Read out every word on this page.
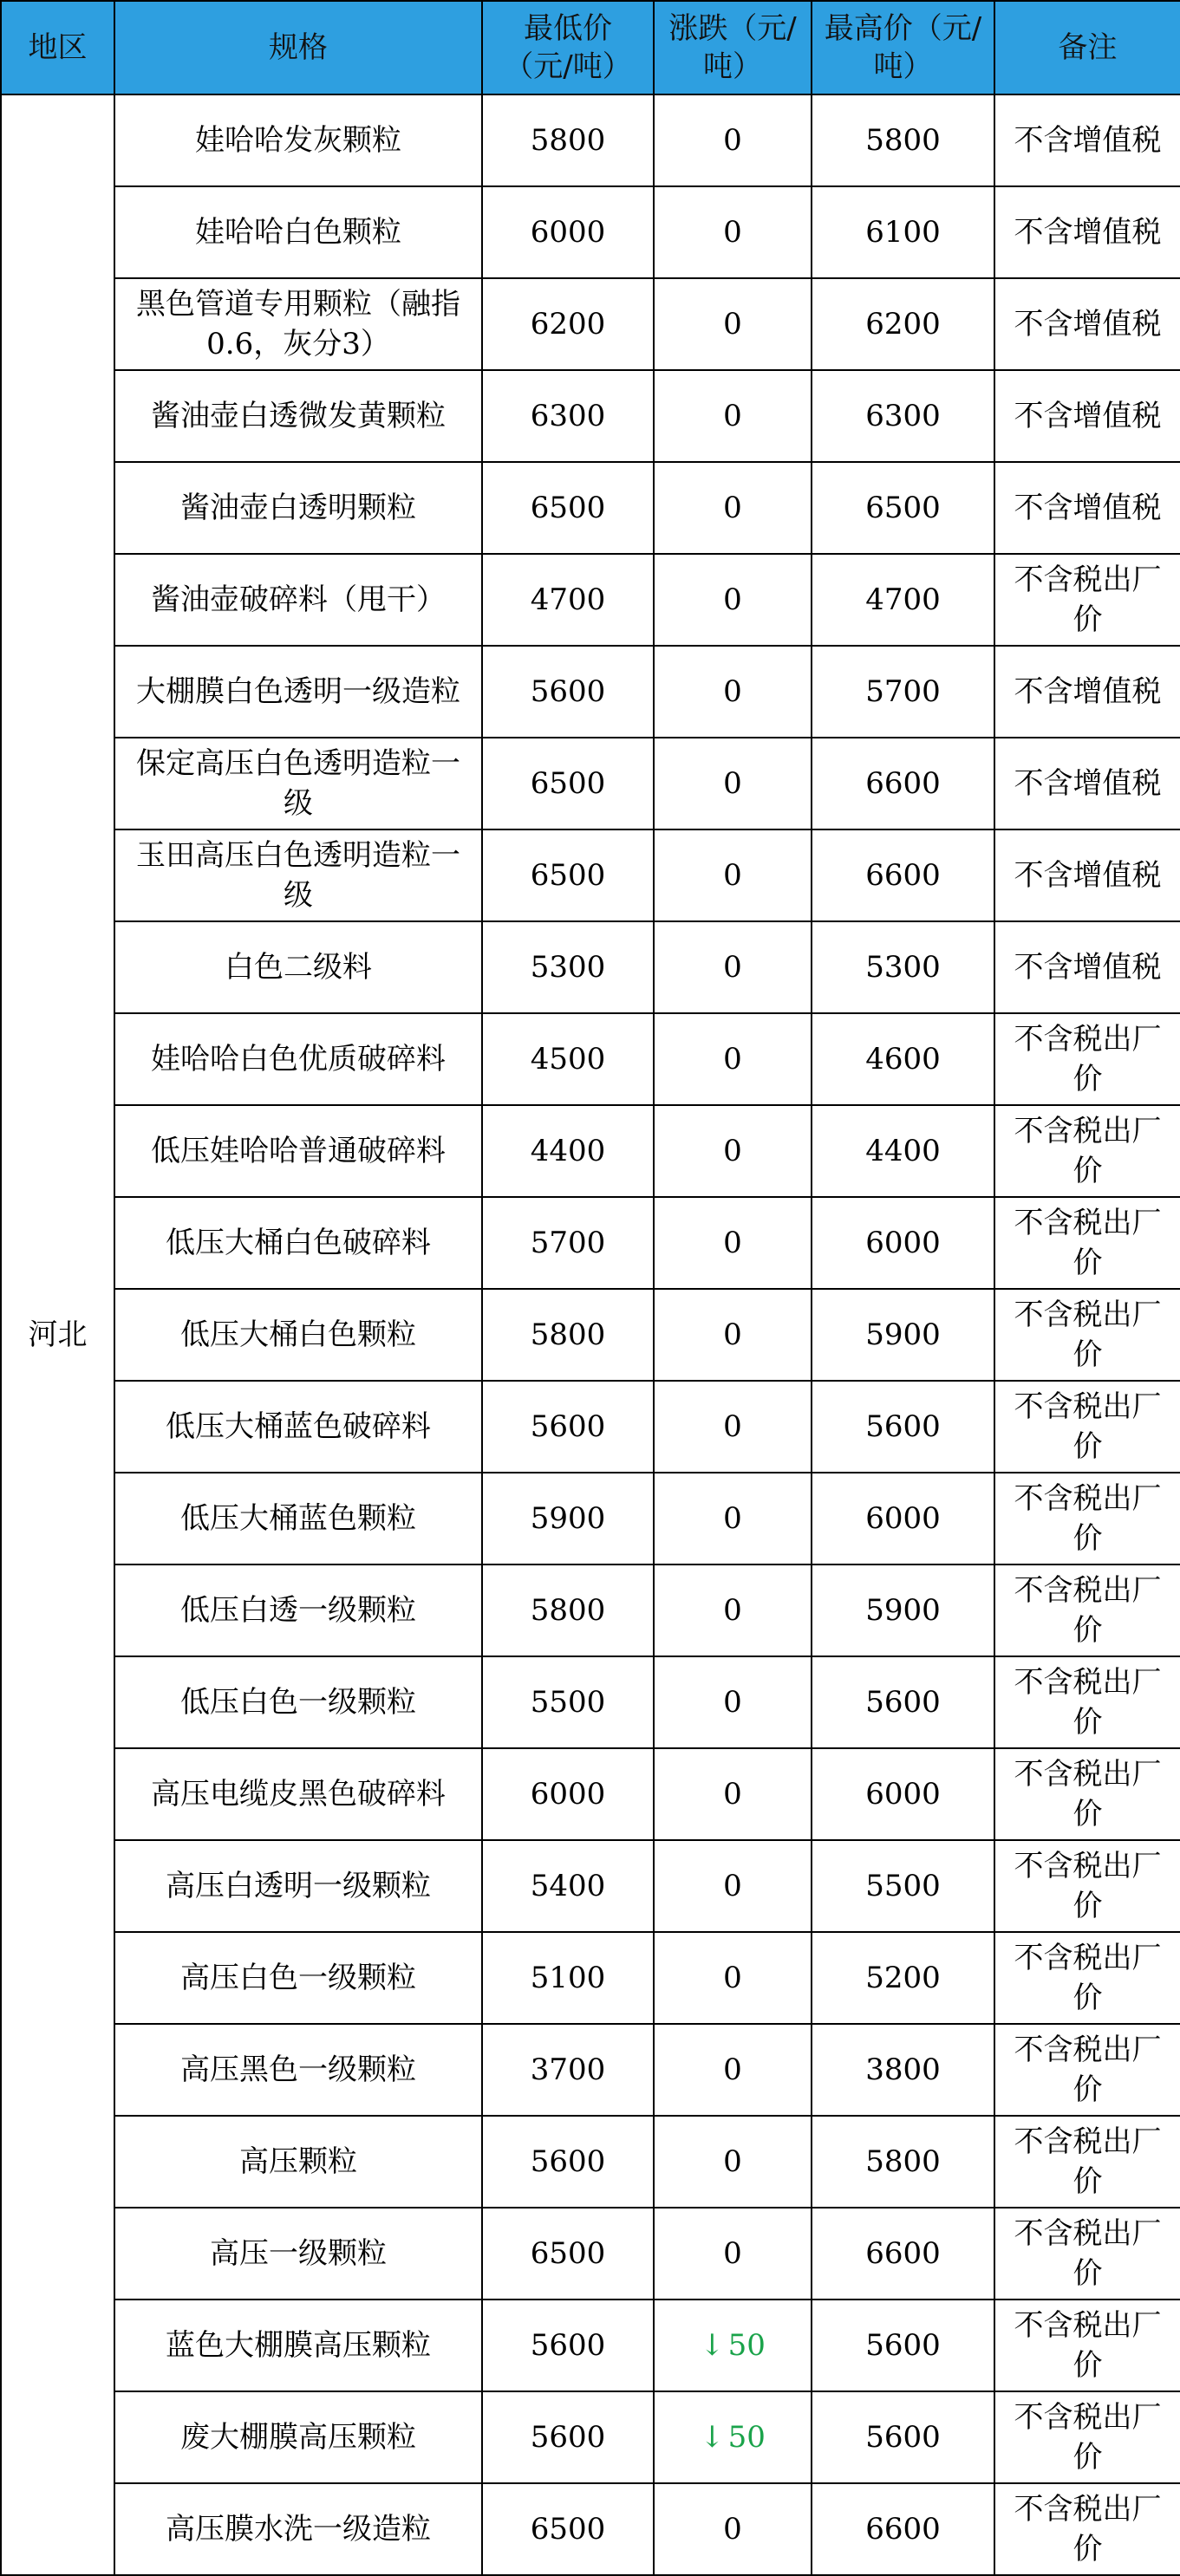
地区	规格	最低价（元/吨）	涨跌（元/吨）	最高价（元/吨）	备注
河北	娃哈哈发灰颗粒	5800	0	5800	不含增值税
	娃哈哈白色颗粒	6000	0	6100	不含增值税
	黑色管道专用颗粒（融指0.6，灰分3）	6200	0	6200	不含增值税
	酱油壶白透微发黄颗粒	6300	0	6300	不含增值税
	酱油壶白透明颗粒	6500	0	6500	不含增值税
	酱油壶破碎料（甩干）	4700	0	4700	不含税出厂价
	大棚膜白色透明一级造粒	5600	0	5700	不含增值税
	保定高压白色透明造粒一级	6500	0	6600	不含增值税
	玉田高压白色透明造粒一级	6500	0	6600	不含增值税
	白色二级料	5300	0	5300	不含增值税
	娃哈哈白色优质破碎料	4500	0	4600	不含税出厂价
	低压娃哈哈普通破碎料	4400	0	4400	不含税出厂价
	低压大桶白色破碎料	5700	0	6000	不含税出厂价
	低压大桶白色颗粒	5800	0	5900	不含税出厂价
	低压大桶蓝色破碎料	5600	0	5600	不含税出厂价
	低压大桶蓝色颗粒	5900	0	6000	不含税出厂价
	低压白透一级颗粒	5800	0	5900	不含税出厂价
	低压白色一级颗粒	5500	0	5600	不含税出厂价
	高压电缆皮黑色破碎料	6000	0	6000	不含税出厂价
	高压白透明一级颗粒	5400	0	5500	不含税出厂价
	高压白色一级颗粒	5100	0	5200	不含税出厂价
	高压黑色一级颗粒	3700	0	3800	不含税出厂价
	高压颗粒	5600	0	5800	不含税出厂价
	高压一级颗粒	6500	0	6600	不含税出厂价
	蓝色大棚膜高压颗粒	5600	↓ 50	5600	不含税出厂价
	废大棚膜高压颗粒	5600	↓ 50	5600	不含税出厂价
	高压膜水洗一级造粒	6500	0	6600	不含税出厂价
